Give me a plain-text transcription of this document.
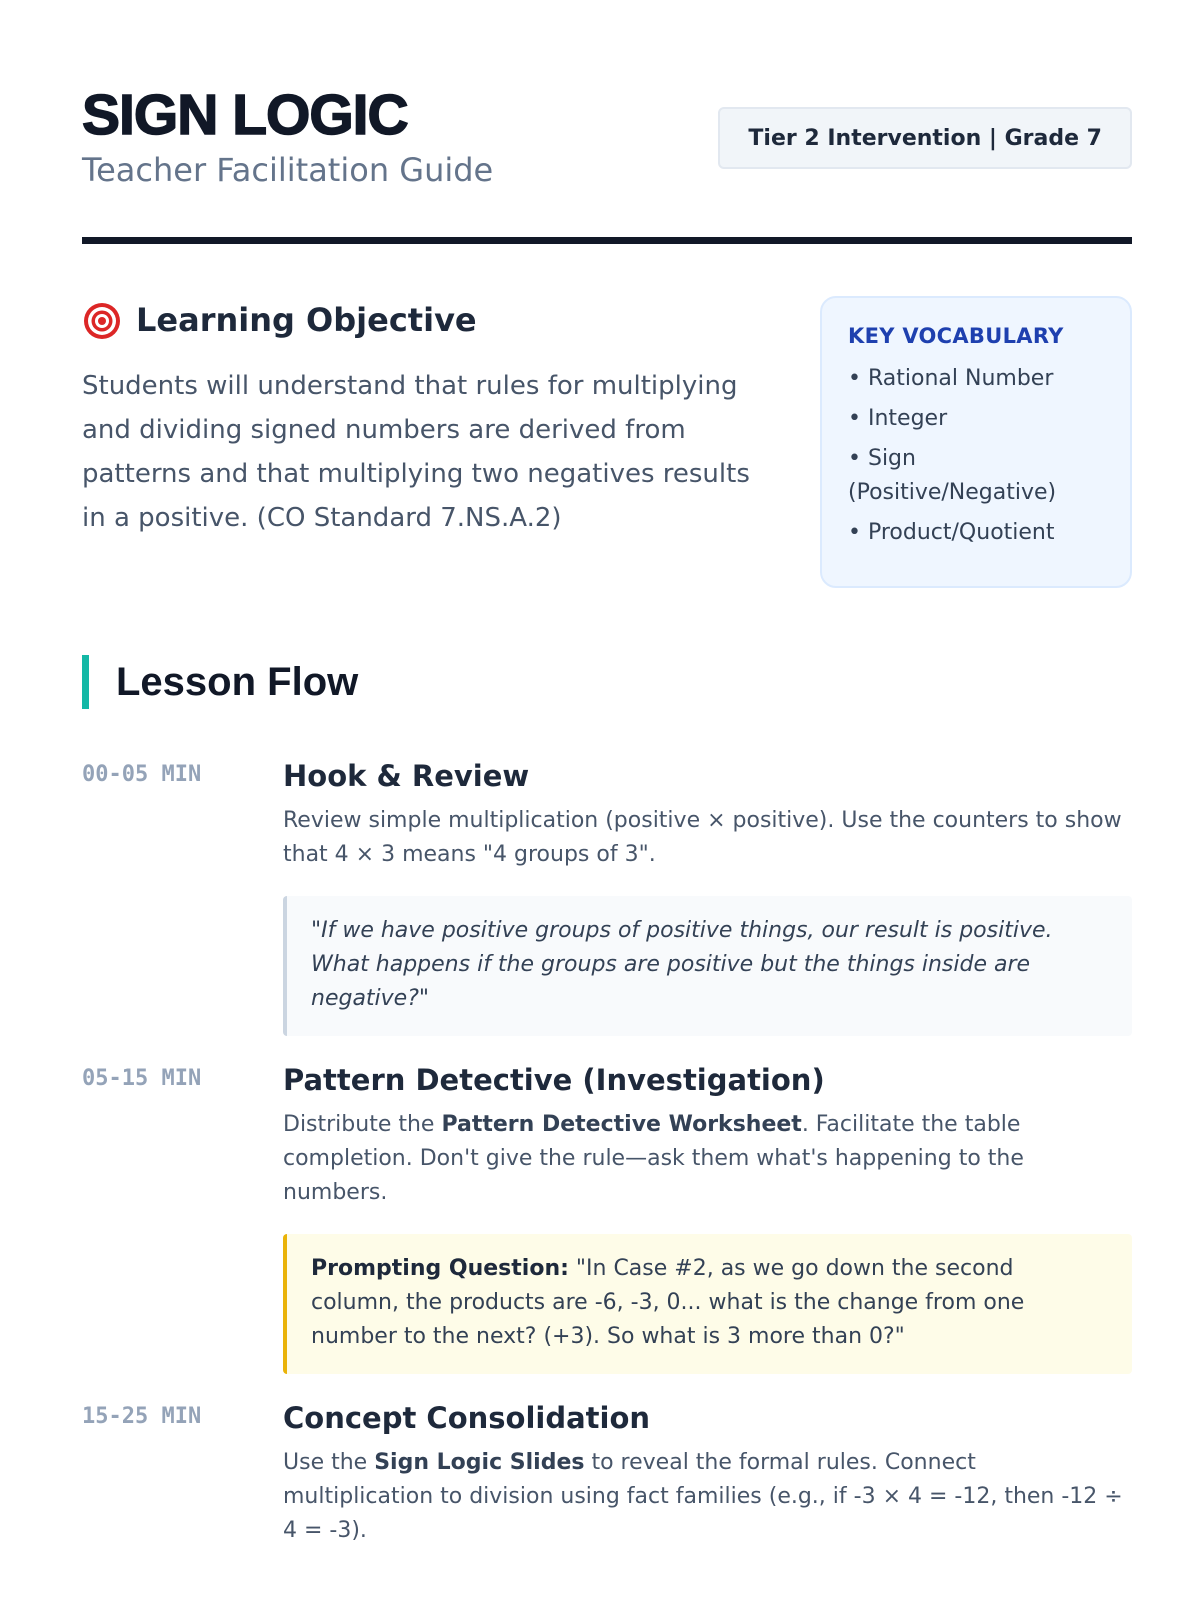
SIGN LOGIC
Teacher Facilitation Guide
Tier 2 Intervention | Grade 7
Learning Objective
Students will understand that rules for multiplying and dividing signed numbers are derived from patterns and that multiplying two negatives results in a positive. (CO Standard 7.NS.A.2)
KEY VOCABULARY
• Rational Number
• Integer
• Sign (Positive/Negative)
• Product/Quotient
Lesson Flow
00-05 MIN	Hook & Review

Review simple multiplication (positive × positive). Use the counters to show that 4 × 3 means "4 groups of 3".

"If we have positive groups of positive things, our result is positive. What happens if the groups are positive but the things inside are negative?"
05-15 MIN	Pattern Detective (Investigation)

Distribute the Pattern Detective Worksheet. Facilitate the table completion. Don't give the rule—ask them what's happening to the numbers.

Prompting Question: "In Case #2, as we go down the second column, the products are -6, -3, 0... what is the change from one number to the next? (+3). So what is 3 more than 0?"
15-25 MIN	Concept Consolidation

Use the Sign Logic Slides to reveal the formal rules. Connect multiplication to division using fact families (e.g., if -3 × 4 = -12, then -12 ÷ 4 = -3).
